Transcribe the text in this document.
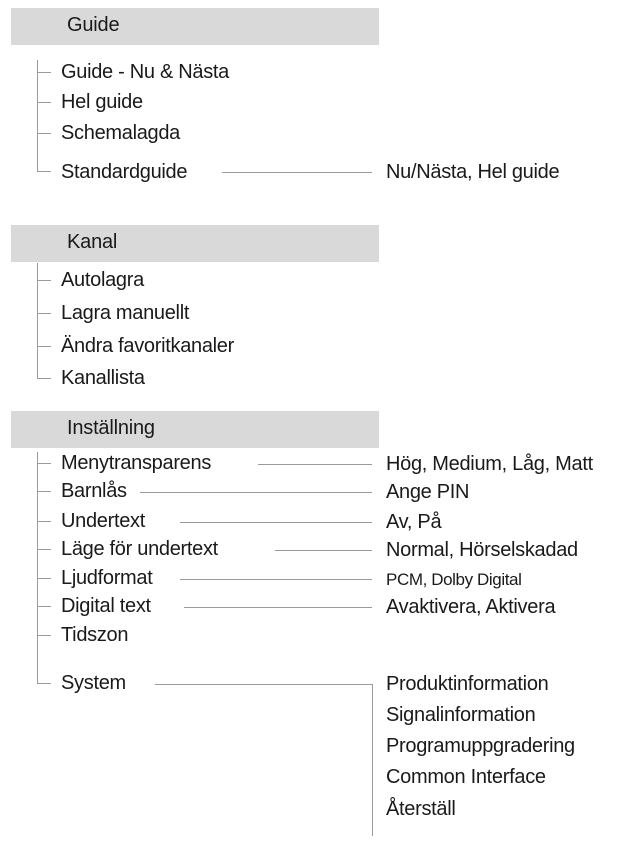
Guide
Guide - Nu & Nästa
Hel guide
Schemalagda
Standardguide	Nu/Nästa, Hel guide
Kanal
Autolagra
Lagra manuellt
Ändra favoritkanaler
Kanallista
Inställning
Menytransparens
Barnlås
Undertext
Läge för undertext
Ljudformat
Digital text
Tidszon
System
Hög, Medium, Låg, Matt
Ange PIN
Av, På
Normal, Hörselskadad
PCM, Dolby Digital
Avaktivera, Aktivera
Produktinformation
Signalinformation
Programuppgradering
Common Interface
Återställ
